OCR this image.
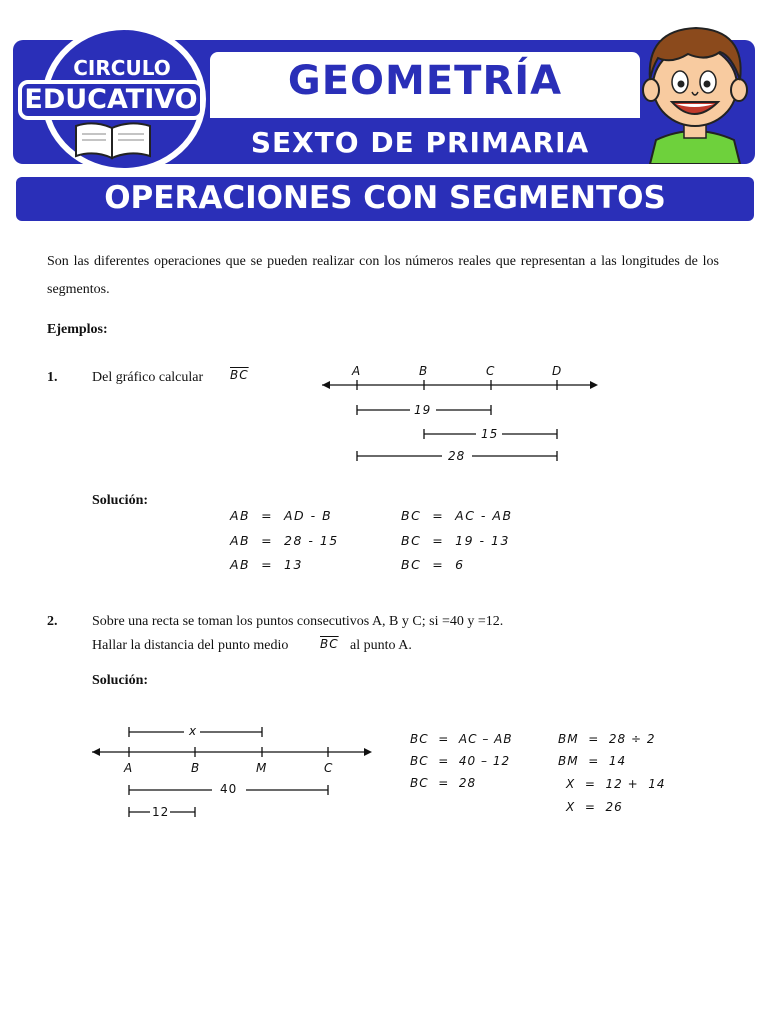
GEOMETRÍA
SEXTO DE PRIMARIA
CIRCULO
EDUCATIVO
OPERACIONES CON SEGMENTOS
Son las diferentes operaciones que se pueden realizar con los números reales que representan a las longitudes de los segmentos.
Ejemplos:
1. Del gráfico calcular $\overline{BC}$	A	B	C	D
19
15
28
Solución:
AB  =  AD - B
AB  =  28 - 15
AB  =  13
BC  =  AC - AB
BC  =  19 - 13
BC  =  6
2. Sobre una recta se toman los puntos consecutivos A, B y C; si =40 y =12.
Hallar la distancia del punto medio	$\overline{BC}$ al punto A.
Solución:
x
A	B	M	C
40
12
BC  =  AC – AB
BC  =  40 – 12
BC  =  28
BM  =  28 ÷ 2
BM  =  14
X  =  12 +  14
X  =  26
